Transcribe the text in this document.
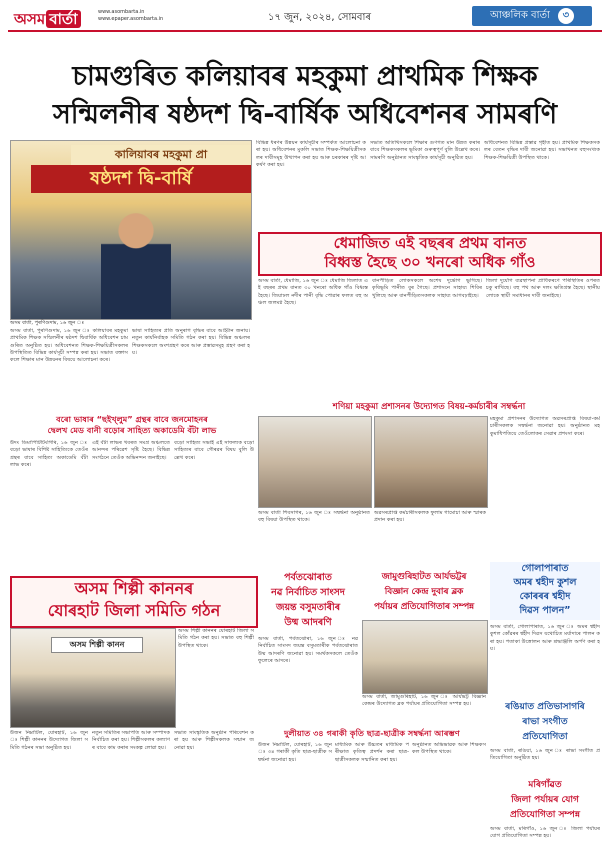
অসম বার্তা	www.asombarta.in
www.epaper.asombarta.in	১৭ জুন, ২০২৪, সোমবাৰ	আঞ্চলিক বাৰ্তা ৩
চামগুৰিত কলিয়াবৰ মহকুমা প্ৰাথমিক শিক্ষক
সন্মিলনীৰ ষষ্ঠদশ দ্বি-বাৰ্ষিক অধিবেশনৰ সামৰণি
কালিয়াবৰ মহকুমা প্ৰা
ষষ্ঠদশ দ্বি-বাৰ্ষি
অসম বাৰ্তা, পুৰণিগুদাম, ১৬ জুন ঃ
অসম বাৰ্তা, পুৰণিগুদাম, ১৬ জুন ঃ কলিয়াবৰ মহকুমা প্ৰাথমিক শিক্ষক সন্মিলনীৰ ষষ্ঠদশ দ্বিবাৰ্ষিক অধিবেশন চামগুৰিত অনুষ্ঠিত হয়। অধিবেশনত শিক্ষক-শিক্ষয়িত্ৰীসকলৰ উপস্থিতিত বিভিন্ন কাৰ্যসূচী সম্পন্ন কৰা হয়। সভাত বক্তাসকলে শিক্ষাৰ মান উন্নয়নৰ বিষয়ে আলোচনা কৰে।
ভাষা সাহিত্যৰ প্ৰতি অনুৰাগ বৃদ্ধিৰ বাবে আহ্বান জনায়। নতুন কাৰ্যনিৰ্বাহক সমিতি গঠন কৰা হয়। বিভিন্ন অঞ্চলৰ শিক্ষকসকলে অংশগ্ৰহণ কৰে আৰু প্ৰস্তাৱসমূহ গ্ৰহণ কৰা হয়।
বিভিন্ন ধৰণৰ উন্নয়ন কাৰ্যসূচীৰ সম্পৰ্কত আলোচনা কৰা হয়। অধিবেশনৰ মুকলি সভাত শিক্ষক-শিক্ষয়িত্ৰীসকলৰ দাবীসমূহ উত্থাপন কৰা হয় আৰু চৰকাৰৰ দৃষ্টি আকৰ্ষণ কৰা হয়।
সভাত অতিথিসকলে শিক্ষাৰ গুণগত মান উন্নত কৰাৰ বাবে শিক্ষকসকলৰ ভূমিকা গুৰুত্বপূৰ্ণ বুলি উল্লেখ কৰে। সামৰণি অনুষ্ঠানত সাংস্কৃতিক কাৰ্যসূচী অনুষ্ঠিত হয়।
অধিবেশনত বিভিন্ন প্ৰস্তাৱ গৃহীত হয়। প্ৰাথমিক শিক্ষকসকলৰ বেতন বৃদ্ধিৰ দাবী জনোৱা হয়। সভাখনত বহুসংখ্যক শিক্ষক-শিক্ষয়িত্ৰী উপস্থিত থাকে।
ধেমাজিত এই বছৰৰ প্ৰথম বানত
বিধ্বস্ত হৈছে ৩০ খনৰো অধিক গাঁও
অসম বাৰ্তা, ধেমাজি, ১৬ জুন ঃ ধেমাজি জিলাত এই বছৰৰ প্ৰথম বানত ৩০ খনৰো অধিক গাঁও বিধ্বস্ত হৈছে। জিয়াঢল নদীৰ পানী বৃদ্ধি পোৱাৰ ফলত বহু অঞ্চল জলমগ্ন হৈছে।
বানপীড়িত লোকসকলে অশেষ দুৰ্ভোগ ভুগিছে। কৃষিভূমি পানীত বুৰ গৈছে। প্ৰশাসনে সাহায্য শিবিৰ খুলিছে আৰু বানপীড়িতসকলক সাহায্য আগবঢ়াইছে।
জিলা দুৰ্যোগ ব্যৱস্থাপনা প্ৰাধিকৰণে পৰিস্থিতিৰ ওপৰত চকু ৰাখিছে। বহু পথ আৰু দলং ক্ষতিগ্ৰস্ত হৈছে। স্থানীয় লোকে স্থায়ী সমাধানৰ দাবী জনাইছে।
বৰো ভাষাৰ “ছইখ্লুম” গ্ৰন্থৰ বাবে জনমোহনৰ
দ্বেলখ মেড বানী বড়োৰ সাহিত্য অকাডেমি বঁটা লাভ
উদং ডিমাপিটিটিংগিৰি, ১৬ জুন ঃ বড়ো ভাষাৰ বিশিষ্ট সাহিত্যিকে তেওঁৰ গ্ৰন্থৰ বাবে সাহিত্য অকাডেমি বঁটা লাভ কৰে।
এই বঁটা লাভৰ খবৰত সমগ্ৰ অঞ্চলতে আনন্দৰ পৰিৱেশ সৃষ্টি হৈছে। বিভিন্ন সংগঠনে তেওঁক অভিনন্দন জনাইছে।
বড়ো সাহিত্য সভাই এই সাফল্যক বড়ো সাহিত্যৰ বাবে গৌৰৱৰ বিষয় বুলি উল্লেখ কৰে।
শণিয়া মহকুমা প্ৰশাসনৰ উদ্যোগত বিষয়-কৰ্মচাৰীৰ সম্বৰ্দ্ধনা
মহকুমা প্ৰশাসনৰ উদ্যোগত অৱসৰপ্ৰাপ্ত বিষয়া-কৰ্মচাৰীসকলক সম্বৰ্দ্ধনা জনোৱা হয়। অনুষ্ঠানত মহকুমাধিপতিয়ে তেওঁলোকৰ সেৱাৰ প্ৰশংসা কৰে।
অসম বাৰ্তা শিবসাগৰ, ১৬ জুন ঃ সম্বৰ্দ্ধনা অনুষ্ঠানত বহু বিষয়া উপস্থিত থাকে।
অৱসৰপ্ৰাপ্ত কৰ্মচাৰীসকলক ফুলাম গামোচা আৰু স্মাৰক প্ৰদান কৰা হয়।
গোলাপাৰাত
অমৰ শ্বহীদ কুশল
কোৰৰৰ শ্বহীদ
দিৱস পালন”
অসম বাৰ্তা, গোলাপাৰাত, ১৬ জুন ঃ অমৰ শ্বহীদ কুশল কোঁৱৰৰ শ্বহীদ দিৱস যথোচিত মৰ্যাদাৰে পালন কৰা হয়। পতাকা উত্তোলন আৰু শ্ৰদ্ধাঞ্জলি অৰ্পণ কৰা হয়।
অসম শিল্পী কাননৰ
যোৰহাট জিলা সমিতি গঠন
অসম শিল্পী কানন
অসম শিল্পী কাননৰ যোৰহাট জিলা সমিতি গঠন কৰা হয়। সভাত বহু শিল্পী উপস্থিত থাকে।
উজন নিম্নাটিল, যোৰহাট, ১৬ জুন ঃ শিল্পী কাননৰ উদ্যোগত জিলা সমিতি গঠনৰ সভা অনুষ্ঠিত হয়।
নতুন সমিতিৰ সভাপতি আৰু সম্পাদক নিৰ্বাচিত কৰা হয়। শিল্পীসকলৰ কল্যাণৰ বাবে কাম কৰাৰ সংকল্প লোৱা হয়।
সভাত সাংস্কৃতিক অনুষ্ঠান পৰিবেশন কৰা হয় আৰু শিল্পীসকলক সন্মান জনোৱা হয়।
পৰ্বতঝোৰাত
নৱ নিৰ্বাচিত সাংসদ
জয়ন্ত বসুমতাৰীৰ
উষ্ম আদৰণি
অসম বাৰ্তা, পৰ্বতঝোৰা, ১৬ জুন ঃ নৱ নিৰ্বাচিত সাংসদ জয়ন্ত বসুমতাৰীক পৰ্বতঝোৰাত উষ্ম আদৰণি জনোৱা হয়। সমৰ্থকসকলে তেওঁক ফুলেৰে আদৰে।
জামুগুৰিহাটত আৰ্যভট্টৰ
বিজ্ঞান কেন্দ্ৰ দুবাৰ ব্লক
পৰ্যায়ৰ প্ৰতিযোগিতাৰ সম্পন্ন
অসম বাৰ্তা, জামুগুৰিহাট, ১৬ জুন ঃ আৰ্যভট্ট বিজ্ঞান কেন্দ্ৰৰ উদ্যোগত ব্লক পৰ্যায়ৰ প্ৰতিযোগিতা সম্পন্ন হয়।
দুলীয়াত ৩৪ গৰাকী কৃতি ছাত্ৰ-ছাত্ৰীক সম্বৰ্দ্ধনা আৰম্ভণ
উজন নিম্নাটিল, যোৰহাট, ১৬ জুন ঃ ৩৪ গৰাকী কৃতি ছাত্ৰ-ছাত্ৰীক সম্বৰ্দ্ধনা জনোৱা হয়।
মাধ্যমিক আৰু উচ্চতৰ মাধ্যমিক পৰীক্ষাত কৃতিত্ব প্ৰদৰ্শন কৰা ছাত্ৰ-ছাত্ৰীসকলক সন্মানিত কৰা হয়।
অনুষ্ঠানত অভিভাৱক আৰু শিক্ষকসকল উপস্থিত থাকে।
ৰঙিয়াত প্ৰতিভাসাগৰি
ৰাভা সংগীত
প্ৰতিযোগিতা
অসম বাৰ্তা, ৰঙিয়া, ১৬ জুন ঃ ৰাভা সংগীত প্ৰতিযোগিতা অনুষ্ঠিত হয়।
মৰিগাঁৱত
জিলা পৰ্যায়ৰ যোগ
প্ৰতিযোগিতা সম্পন্ন
অসম বাৰ্তা, মৰিগাঁও, ১৬ জুন ঃ জিলা পৰ্যায়ৰ যোগ প্ৰতিযোগিতা সম্পন্ন হয়।
